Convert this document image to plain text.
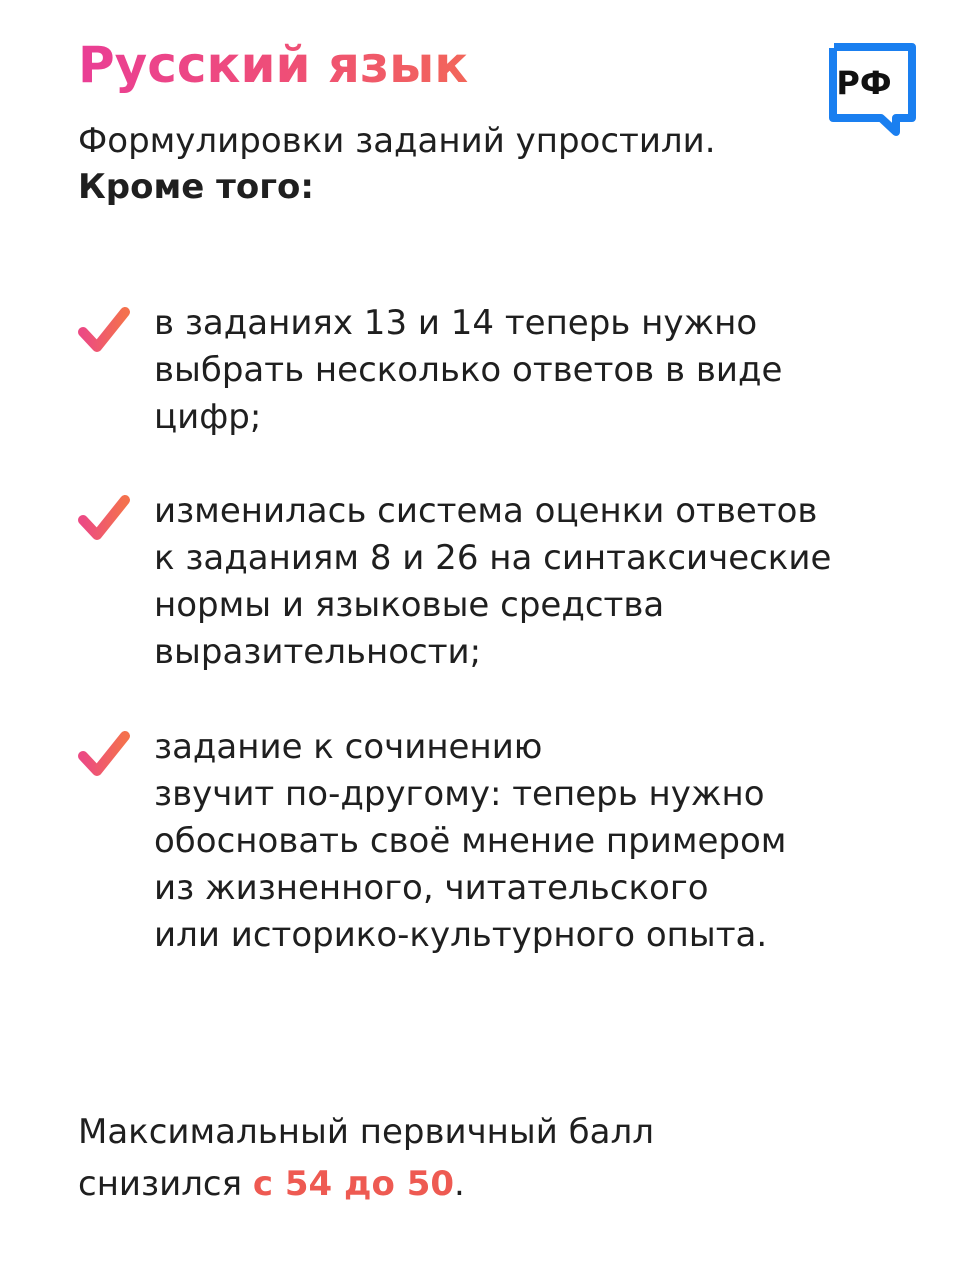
Русский язык	РФ

Формулировки заданий упростили.
Кроме того:

в заданиях 13 и 14 теперь нужно
выбрать несколько ответов в виде
цифр;

изменилась система оценки ответов
к заданиям 8 и 26 на синтаксические
нормы и языковые средства
выразительности;

задание к сочинению
звучит по-другому: теперь нужно
обосновать своё мнение примером
из жизненного, читательского
или историко-культурного опыта.

Максимальный первичный балл
снизился с 54 до 50.
